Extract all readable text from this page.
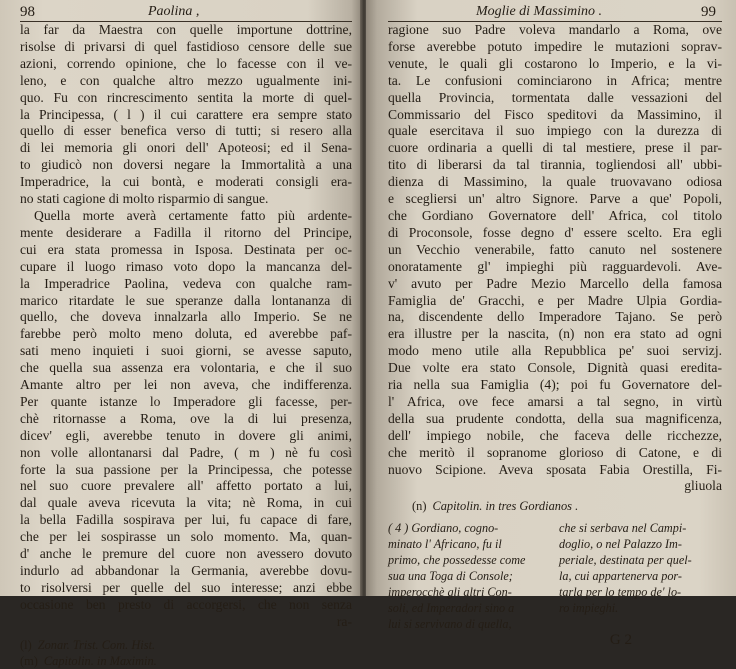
98	Paolina ,
la far da Maestra con quelle importune dottrine,
risolse di privarsi di quel fastidioso censore delle sue
azioni, correndo opinione, che lo facesse con il ve-
leno, e con qualche altro mezzo ugualmente ini-
quo. Fu con rincrescimento sentita la morte di quel-
la Principessa, ( l ) il cui carattere era sempre stato
quello di esser benefica verso di tutti; si resero alla
di lei memoria gli onori dell' Apoteosi; ed il Sena-
to giudicò non doversi negare la Immortalità a una
Imperadrice, la cui bontà, e moderati consigli era-
no stati cagione di molto risparmio di sangue.
Quella morte averà certamente fatto più ardente-
mente desiderare a Fadilla il ritorno del Principe,
cui era stata promessa in Isposa. Destinata per oc-
cupare il luogo rimaso voto dopo la mancanza del-
la Imperadrice Paolina, vedeva con qualche ram-
marico ritardate le sue speranze dalla lontananza di
quello, che doveva innalzarla allo Imperio. Se ne
farebbe però molto meno doluta, ed averebbe paf-
sati meno inquieti i suoi giorni, se avesse saputo,
che quella sua assenza era volontaria, e che il suo
Amante altro per lei non aveva, che indifferenza.
Per quante istanze lo Imperadore gli facesse, per-
chè ritornasse a Roma, ove la di lui presenza,
dicev' egli, averebbe tenuto in dovere gli animi,
non volle allontanarsi dal Padre, ( m ) nè fu così
forte la sua passione per la Principessa, che potesse
nel suo cuore prevalere all' affetto portato a lui,
dal quale aveva ricevuta la vita; nè Roma, in cui
la bella Fadilla sospirava per lui, fu capace di fare,
che per lei sospirasse un solo momento. Ma, quan-
d' anche le premure del cuore non avessero dovuto
indurlo ad abbandonar la Germania, averebbe dovu-
to risolversi per quelle del suo interesse; anzi ebbe
occasione ben presto di accorgersi, che non senza
ra-
(l) Zonar. Trist. Com. Hist.
(m) Capitolin. in Maximin.
Moglie di Massimino .	99
ragione suo Padre voleva mandarlo a Roma, ove
forse averebbe potuto impedire le mutazioni soprav-
venute, le quali gli costarono lo Imperio, e la vi-
ta. Le confusioni cominciarono in Africa; mentre
quella Provincia, tormentata dalle vessazioni del
Commissario del Fisco speditovi da Massimino, il
quale esercitava il suo impiego con la durezza di
cuore ordinaria a quelli di tal mestiere, prese il par-
tito di liberarsi da tal tirannia, togliendosi all' ubbi-
dienza di Massimino, la quale truovavano odiosa
e scegliersi un' altro Signore. Parve a que' Popoli,
che Gordiano Governatore dell' Africa, col titolo
di Proconsole, fosse degno d' essere scelto. Era egli
un Vecchio venerabile, fatto canuto nel sostenere
onoratamente gl' impieghi più ragguardevoli. Ave-
v' avuto per Padre Mezio Marcello della famosa
Famiglia de' Gracchi, e per Madre Ulpia Gordia-
na, discendente dello Imperadore Tajano. Se però
era illustre per la nascita, (n) non era stato ad ogni
modo meno utile alla Repubblica pe' suoi servizj.
Due volte era stato Console, Dignità quasi eredita-
ria nella sua Famiglia (4); poi fu Governatore del-
l' Africa, ove fece amarsi a tal segno, in virtù
della sua prudente condotta, della sua magnificenza,
dell' impiego nobile, che faceva delle ricchezze,
che meritò il sopranome glorioso di Catone, e di
nuovo Scipione. Aveva sposata Fabia Orestilla, Fi-
gliuola
(n) Capitolin. in tres Gordianos .
( 4 ) Gordiano, cogno-
minato l' Africano, fu il
primo, che possedesse come
sua una Toga di Console;
imperocchè gli altri Con-
soli, ed Imperadori sino a
lui si servivano di quella,
che si serbava nel Campi-
doglio, o nel Palazzo Im-
periale, destinata per quel-
la, cui appartenerva por-
tarla per lo tempo de' lo-
ro impieghi.
G 2
